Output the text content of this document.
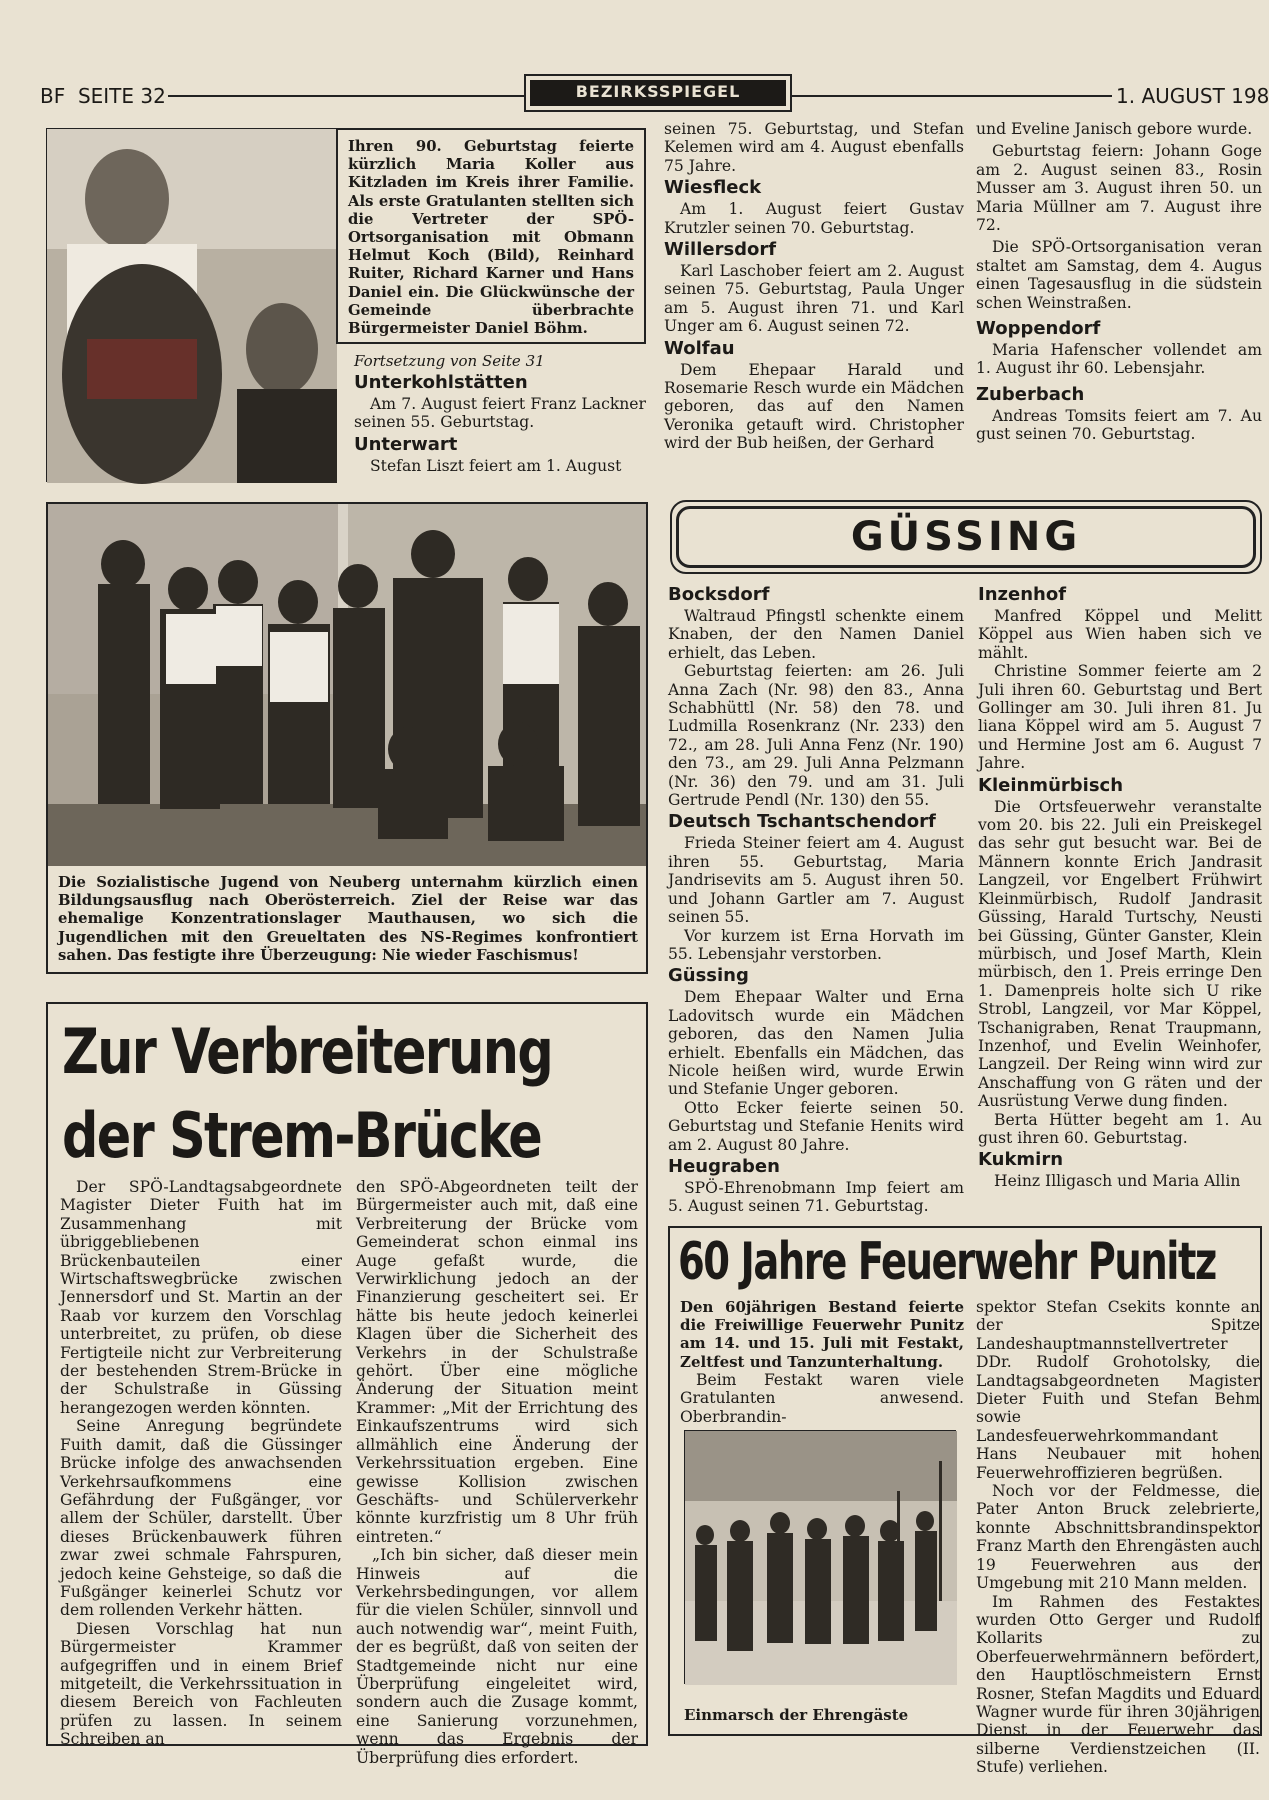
BF  SEITE 32	BEZIRKSSPIEGEL	1. AUGUST 198
Ihren 90. Geburtstag feierte kürzlich Maria Koller aus Kitzladen im Kreis ihrer Familie. Als erste Gratulanten stellten sich die Vertreter der SPÖ-Ortsorganisation mit Obmann Helmut Koch (Bild), Reinhard Ruiter, Richard Karner und Hans Daniel ein. Die Glückwünsche der Gemeinde überbrachte Bürgermeister Daniel Böhm.
Fortsetzung von Seite 31
Unterkohlstätten

Am 7. August feiert Franz Lackner seinen 55. Geburtstag.

Unterwart

Stefan Liszt feiert am 1. August

seinen 75. Geburtstag, und Stefan Kelemen wird am 4. August ebenfalls 75 Jahre.

Wiesfleck

Am 1. August feiert Gustav Krutzler seinen 70. Geburtstag.

Willersdorf

Karl Laschober feiert am 2. August seinen 75. Geburtstag, Paula Unger am 5. August ihren 71. und Karl Unger am 6. August seinen 72.

Wolfau

Dem Ehepaar Harald und Rosemarie Resch wurde ein Mädchen geboren, das auf den Namen Veronika getauft wird. Christopher wird der Bub heißen, der Gerhard

und Eveline Janisch gebore wurde.

Geburtstag feiern: Johann Goge am 2. August seinen 83., Rosin Musser am 3. August ihren 50. un Maria Müllner am 7. August ihre 72.

Die SPÖ-Ortsorganisation veran staltet am Samstag, dem 4. Augus einen Tagesausflug in die südstein schen Weinstraßen.

Woppendorf

Maria Hafenscher vollendet am 1. August ihr 60. Lebensjahr.

Zuberbach

Andreas Tomsits feiert am 7. Au gust seinen 70. Geburtstag.

Die Sozialistische Jugend von Neuberg unternahm kürzlich einen Bildungsausflug nach Oberösterreich. Ziel der Reise war das ehemalige Konzentrationslager Mauthausen, wo sich die Jugendlichen mit den Greueltaten des NS-Regimes konfrontiert sahen. Das festigte ihre Überzeugung: Nie wieder Faschismus!
GÜSSING
Bocksdorf

Waltraud Pfingstl schenkte einem Knaben, der den Namen Daniel erhielt, das Leben.

Geburtstag feierten: am 26. Juli Anna Zach (Nr. 98) den 83., Anna Schabhüttl (Nr. 58) den 78. und Ludmilla Rosenkranz (Nr. 233) den 72., am 28. Juli Anna Fenz (Nr. 190) den 73., am 29. Juli Anna Pelzmann (Nr. 36) den 79. und am 31. Juli Gertrude Pendl (Nr. 130) den 55.

Deutsch Tschantschendorf

Frieda Steiner feiert am 4. August ihren 55. Geburtstag, Maria Jandrisevits am 5. August ihren 50. und Johann Gartler am 7. August seinen 55.

Vor kurzem ist Erna Horvath im 55. Lebensjahr verstorben.

Güssing

Dem Ehepaar Walter und Erna Ladovitsch wurde ein Mädchen geboren, das den Namen Julia erhielt. Ebenfalls ein Mädchen, das Nicole heißen wird, wurde Erwin und Stefanie Unger geboren.

Otto Ecker feierte seinen 50. Geburtstag und Stefanie Henits wird am 2. August 80 Jahre.

Heugraben

SPÖ-Ehrenobmann Imp feiert am 5. August seinen 71. Geburtstag.

Inzenhof

Manfred Köppel und Melitt Köppel aus Wien haben sich ve mählt.

Christine Sommer feierte am 2 Juli ihren 60. Geburtstag und Bert Gollinger am 30. Juli ihren 81. Ju liana Köppel wird am 5. August 7 und Hermine Jost am 6. August 7 Jahre.

Kleinmürbisch

Die Ortsfeuerwehr veranstalte vom 20. bis 22. Juli ein Preiskegel das sehr gut besucht war. Bei de Männern konnte Erich Jandrasit Langzeil, vor Engelbert Frühwirt Kleinmürbisch, Rudolf Jandrasit Güssing, Harald Turtschy, Neusti bei Güssing, Günter Ganster, Klein mürbisch, und Josef Marth, Klein mürbisch, den 1. Preis erringe Den 1. Damenpreis holte sich U rike Strobl, Langzeil, vor Mar Köppel, Tschanigraben, Renat Traupmann, Inzenhof, und Evelin Weinhofer, Langzeil. Der Reing winn wird zur Anschaffung von G räten und der Ausrüstung Verwe dung finden.

Berta Hütter begeht am 1. Au gust ihren 60. Geburtstag.

Kukmirn

Heinz Illigasch und Maria Allin

Zur Verbreiterung
der Strem-Brücke

Der SPÖ-Landtagsabgeordnete Magister Dieter Fuith hat im Zusammenhang mit übriggebliebenen Brückenbauteilen einer Wirtschaftswegbrücke zwischen Jennersdorf und St. Martin an der Raab vor kurzem den Vorschlag unterbreitet, zu prüfen, ob diese Fertigteile nicht zur Verbreiterung der bestehenden Strem-Brücke in der Schulstraße in Güssing herangezogen werden könnten.

Seine Anregung begründete Fuith damit, daß die Güssinger Brücke infolge des anwachsenden Verkehrsaufkommens eine Gefährdung der Fußgänger, vor allem der Schüler, darstellt. Über dieses Brückenbauwerk führen zwar zwei schmale Fahrspuren, jedoch keine Gehsteige, so daß die Fußgänger keinerlei Schutz vor dem rollenden Verkehr hätten.

Diesen Vorschlag hat nun Bürgermeister Krammer aufgegriffen und in einem Brief mitgeteilt, die Verkehrssituation in diesem Bereich von Fachleuten prüfen zu lassen. In seinem Schreiben an

den SPÖ-Abgeordneten teilt der Bürgermeister auch mit, daß eine Verbreiterung der Brücke vom Gemeinderat schon einmal ins Auge gefaßt wurde, die Verwirklichung jedoch an der Finanzierung gescheitert sei. Er hätte bis heute jedoch keinerlei Klagen über die Sicherheit des Verkehrs in der Schulstraße gehört. Über eine mögliche Änderung der Situation meint Krammer: „Mit der Errichtung des Einkaufszentrums wird sich allmählich eine Änderung der Verkehrssituation ergeben. Eine gewisse Kollision zwischen Geschäfts- und Schülerverkehr könnte kurzfristig um 8 Uhr früh eintreten.“

„Ich bin sicher, daß dieser mein Hinweis auf die Verkehrsbedingungen, vor allem für die vielen Schüler, sinnvoll und auch notwendig war“, meint Fuith, der es begrüßt, daß von seiten der Stadtgemeinde nicht nur eine Überprüfung eingeleitet wird, sondern auch die Zusage kommt, eine Sanierung vorzunehmen, wenn das Ergebnis der Überprüfung dies erfordert.

60 Jahre Feuerwehr Punitz
Den 60jährigen Bestand feierte die Freiwillige Feuerwehr Punitz am 14. und 15. Juli mit Festakt, Zeltfest und Tanzunterhaltung.

Beim Festakt waren viele Gratulanten anwesend. Oberbrandin-

Einmarsch der Ehrengäste

spektor Stefan Csekits konnte an der Spitze Landeshauptmannstellvertreter DDr. Rudolf Grohotolsky, die Landtagsabgeordneten Magister Dieter Fuith und Stefan Behm sowie Landesfeuerwehrkommandant Hans Neubauer mit hohen Feuerwehroffizieren begrüßen.

Noch vor der Feldmesse, die Pater Anton Bruck zelebrierte, konnte Abschnittsbrandinspektor Franz Marth den Ehrengästen auch 19 Feuerwehren aus der Umgebung mit 210 Mann melden.

Im Rahmen des Festaktes wurden Otto Gerger und Rudolf Kollarits zu Oberfeuerwehrmännern befördert, den Hauptlöschmeistern Ernst Rosner, Stefan Magdits und Eduard Wagner wurde für ihren 30jährigen Dienst in der Feuerwehr das silberne Verdienstzeichen (II. Stufe) verliehen.
